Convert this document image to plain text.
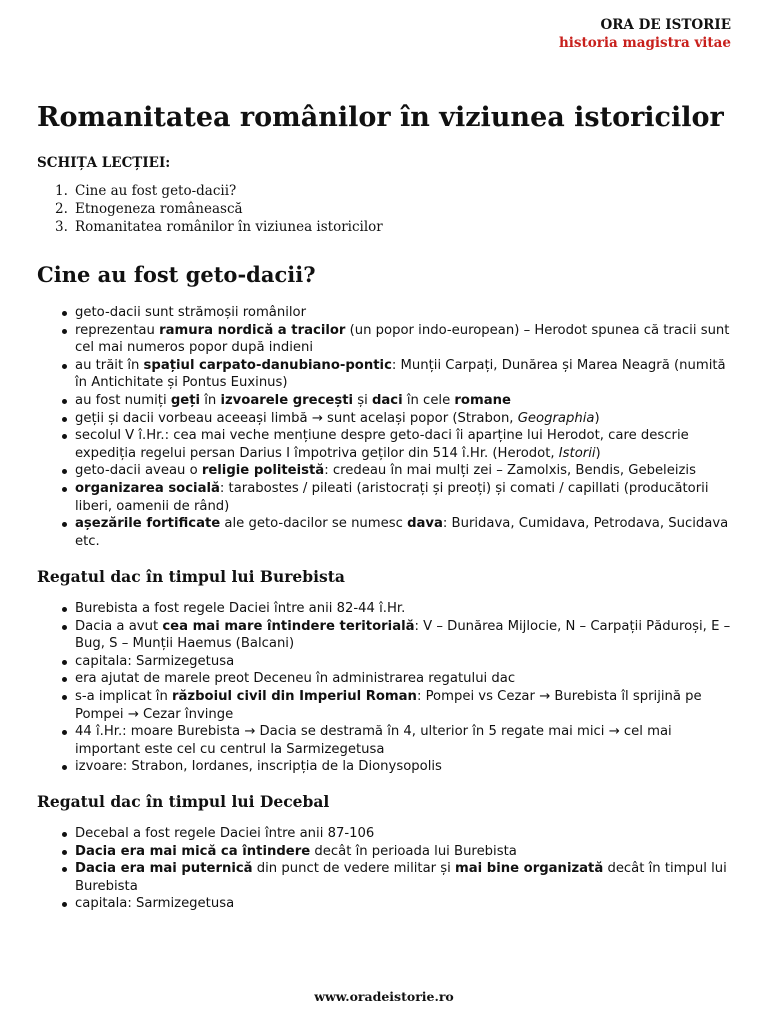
ORA DE ISTORIE
historia magistra vitae
Romanitatea românilor în viziunea istoricilor
SCHIȚA LECȚIEI:
1. Cine au fost geto-dacii?
2. Etnogeneza românească
3. Romanitatea românilor în viziunea istoricilor
Cine au fost geto-dacii?
geto-dacii sunt strămoșii românilor
reprezentau ramura nordică a tracilor (un popor indo-european) – Herodot spunea că tracii sunt cel mai numeros popor după indieni
au trăit în spațiul carpato-danubiano-pontic: Munții Carpați, Dunărea și Marea Neagră (numită în Antichitate și Pontus Euxinus)
au fost numiți geți în izvoarele grecești și daci în cele romane
geții și dacii vorbeau aceeași limbă → sunt același popor (Strabon, Geographia)
secolul V î.Hr.: cea mai veche mențiune despre geto-daci îi aparține lui Herodot, care descrie expediția regelui persan Darius I împotriva geților din 514 î.Hr. (Herodot, Istorii)
geto-dacii aveau o religie politeistă: credeau în mai mulți zei – Zamolxis, Bendis, Gebeleizis
organizarea socială: tarabostes / pileati (aristocrați și preoți) și comati / capillati (producătorii liberi, oamenii de rând)
așezările fortificate ale geto-dacilor se numesc dava: Buridava, Cumidava, Petrodava, Sucidava etc.
Regatul dac în timpul lui Burebista
Burebista a fost regele Daciei între anii 82-44 î.Hr.
Dacia a avut cea mai mare întindere teritorială: V – Dunărea Mijlocie, N – Carpații Păduroși, E – Bug, S – Munții Haemus (Balcani)
capitala: Sarmizegetusa
era ajutat de marele preot Deceneu în administrarea regatului dac
s-a implicat în războiul civil din Imperiul Roman: Pompei vs Cezar → Burebista îl sprijină pe Pompei → Cezar învinge
44 î.Hr.: moare Burebista → Dacia se destramă în 4, ulterior în 5 regate mai mici → cel mai important este cel cu centrul la Sarmizegetusa
izvoare: Strabon, Iordanes, inscripția de la Dionysopolis
Regatul dac în timpul lui Decebal
Decebal a fost regele Daciei între anii 87-106
Dacia era mai mică ca întindere decât în perioada lui Burebista
Dacia era mai puternică din punct de vedere militar și mai bine organizată decât în timpul lui Burebista
capitala: Sarmizegetusa
www.oradeistorie.ro
